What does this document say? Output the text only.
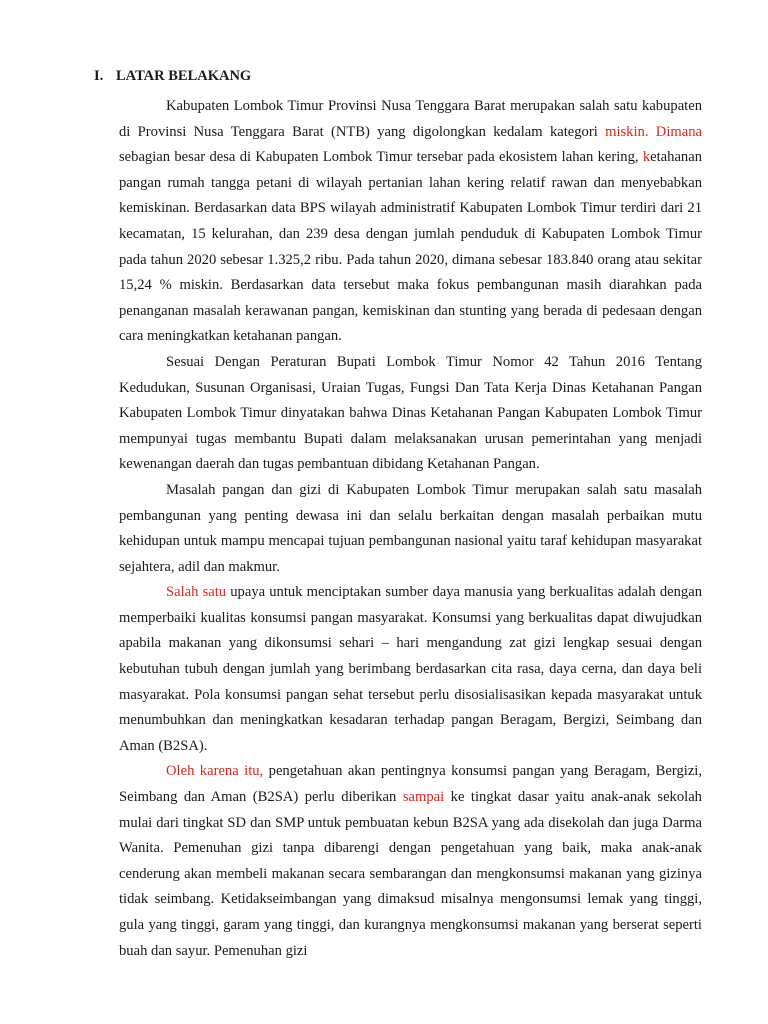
I. LATAR BELAKANG

Kabupaten Lombok Timur Provinsi Nusa Tenggara Barat merupakan salah satu kabupaten di Provinsi Nusa Tenggara Barat (NTB) yang digolongkan kedalam kategori miskin. Dimana sebagian besar desa di Kabupaten Lombok Timur tersebar pada ekosistem lahan kering, ketahanan pangan rumah tangga petani di wilayah pertanian lahan kering relatif rawan dan menyebabkan kemiskinan. Berdasarkan data BPS wilayah administratif Kabupaten Lombok Timur terdiri dari 21 kecamatan, 15 kelurahan, dan 239 desa dengan jumlah penduduk di Kabupaten Lombok Timur pada tahun 2020 sebesar 1.325,2 ribu. Pada tahun 2020, dimana sebesar 183.840 orang atau sekitar 15,24 % miskin. Berdasarkan data tersebut maka fokus pembangunan masih diarahkan pada penanganan masalah kerawanan pangan, kemiskinan dan stunting yang berada di pedesaan dengan cara meningkatkan ketahanan pangan.

Sesuai Dengan Peraturan Bupati Lombok Timur Nomor 42 Tahun 2016 Tentang Kedudukan, Susunan Organisasi, Uraian Tugas, Fungsi Dan Tata Kerja Dinas Ketahanan Pangan Kabupaten Lombok Timur dinyatakan bahwa Dinas Ketahanan Pangan Kabupaten Lombok Timur mempunyai tugas membantu Bupati dalam melaksanakan urusan pemerintahan yang menjadi kewenangan daerah dan tugas pembantuan dibidang Ketahanan Pangan.

Masalah pangan dan gizi di Kabupaten Lombok Timur merupakan salah satu masalah pembangunan yang penting dewasa ini dan selalu berkaitan dengan masalah perbaikan mutu kehidupan untuk mampu mencapai tujuan pembangunan nasional yaitu taraf kehidupan masyarakat sejahtera, adil dan makmur.

Salah satu upaya untuk menciptakan sumber daya manusia yang berkualitas adalah dengan memperbaiki kualitas konsumsi pangan masyarakat. Konsumsi yang berkualitas dapat diwujudkan apabila makanan yang dikonsumsi sehari – hari mengandung zat gizi lengkap sesuai dengan kebutuhan tubuh dengan jumlah yang berimbang berdasarkan cita rasa, daya cerna, dan daya beli masyarakat. Pola konsumsi pangan sehat tersebut perlu disosialisasikan kepada masyarakat untuk menumbuhkan dan meningkatkan kesadaran terhadap pangan Beragam, Bergizi, Seimbang dan Aman (B2SA).

Oleh karena itu, pengetahuan akan pentingnya konsumsi pangan yang Beragam, Bergizi, Seimbang dan Aman (B2SA) perlu diberikan sampai ke tingkat dasar yaitu anak-anak sekolah mulai dari tingkat SD dan SMP untuk pembuatan kebun B2SA yang ada disekolah dan juga Darma Wanita. Pemenuhan gizi tanpa dibarengi dengan pengetahuan yang baik, maka anak-anak cenderung akan membeli makanan secara sembarangan dan mengkonsumsi makanan yang gizinya tidak seimbang. Ketidakseimbangan yang dimaksud misalnya mengonsumsi lemak yang tinggi, gula yang tinggi, garam yang tinggi, dan kurangnya mengkonsumsi makanan yang berserat seperti buah dan sayur. Pemenuhan gizi
